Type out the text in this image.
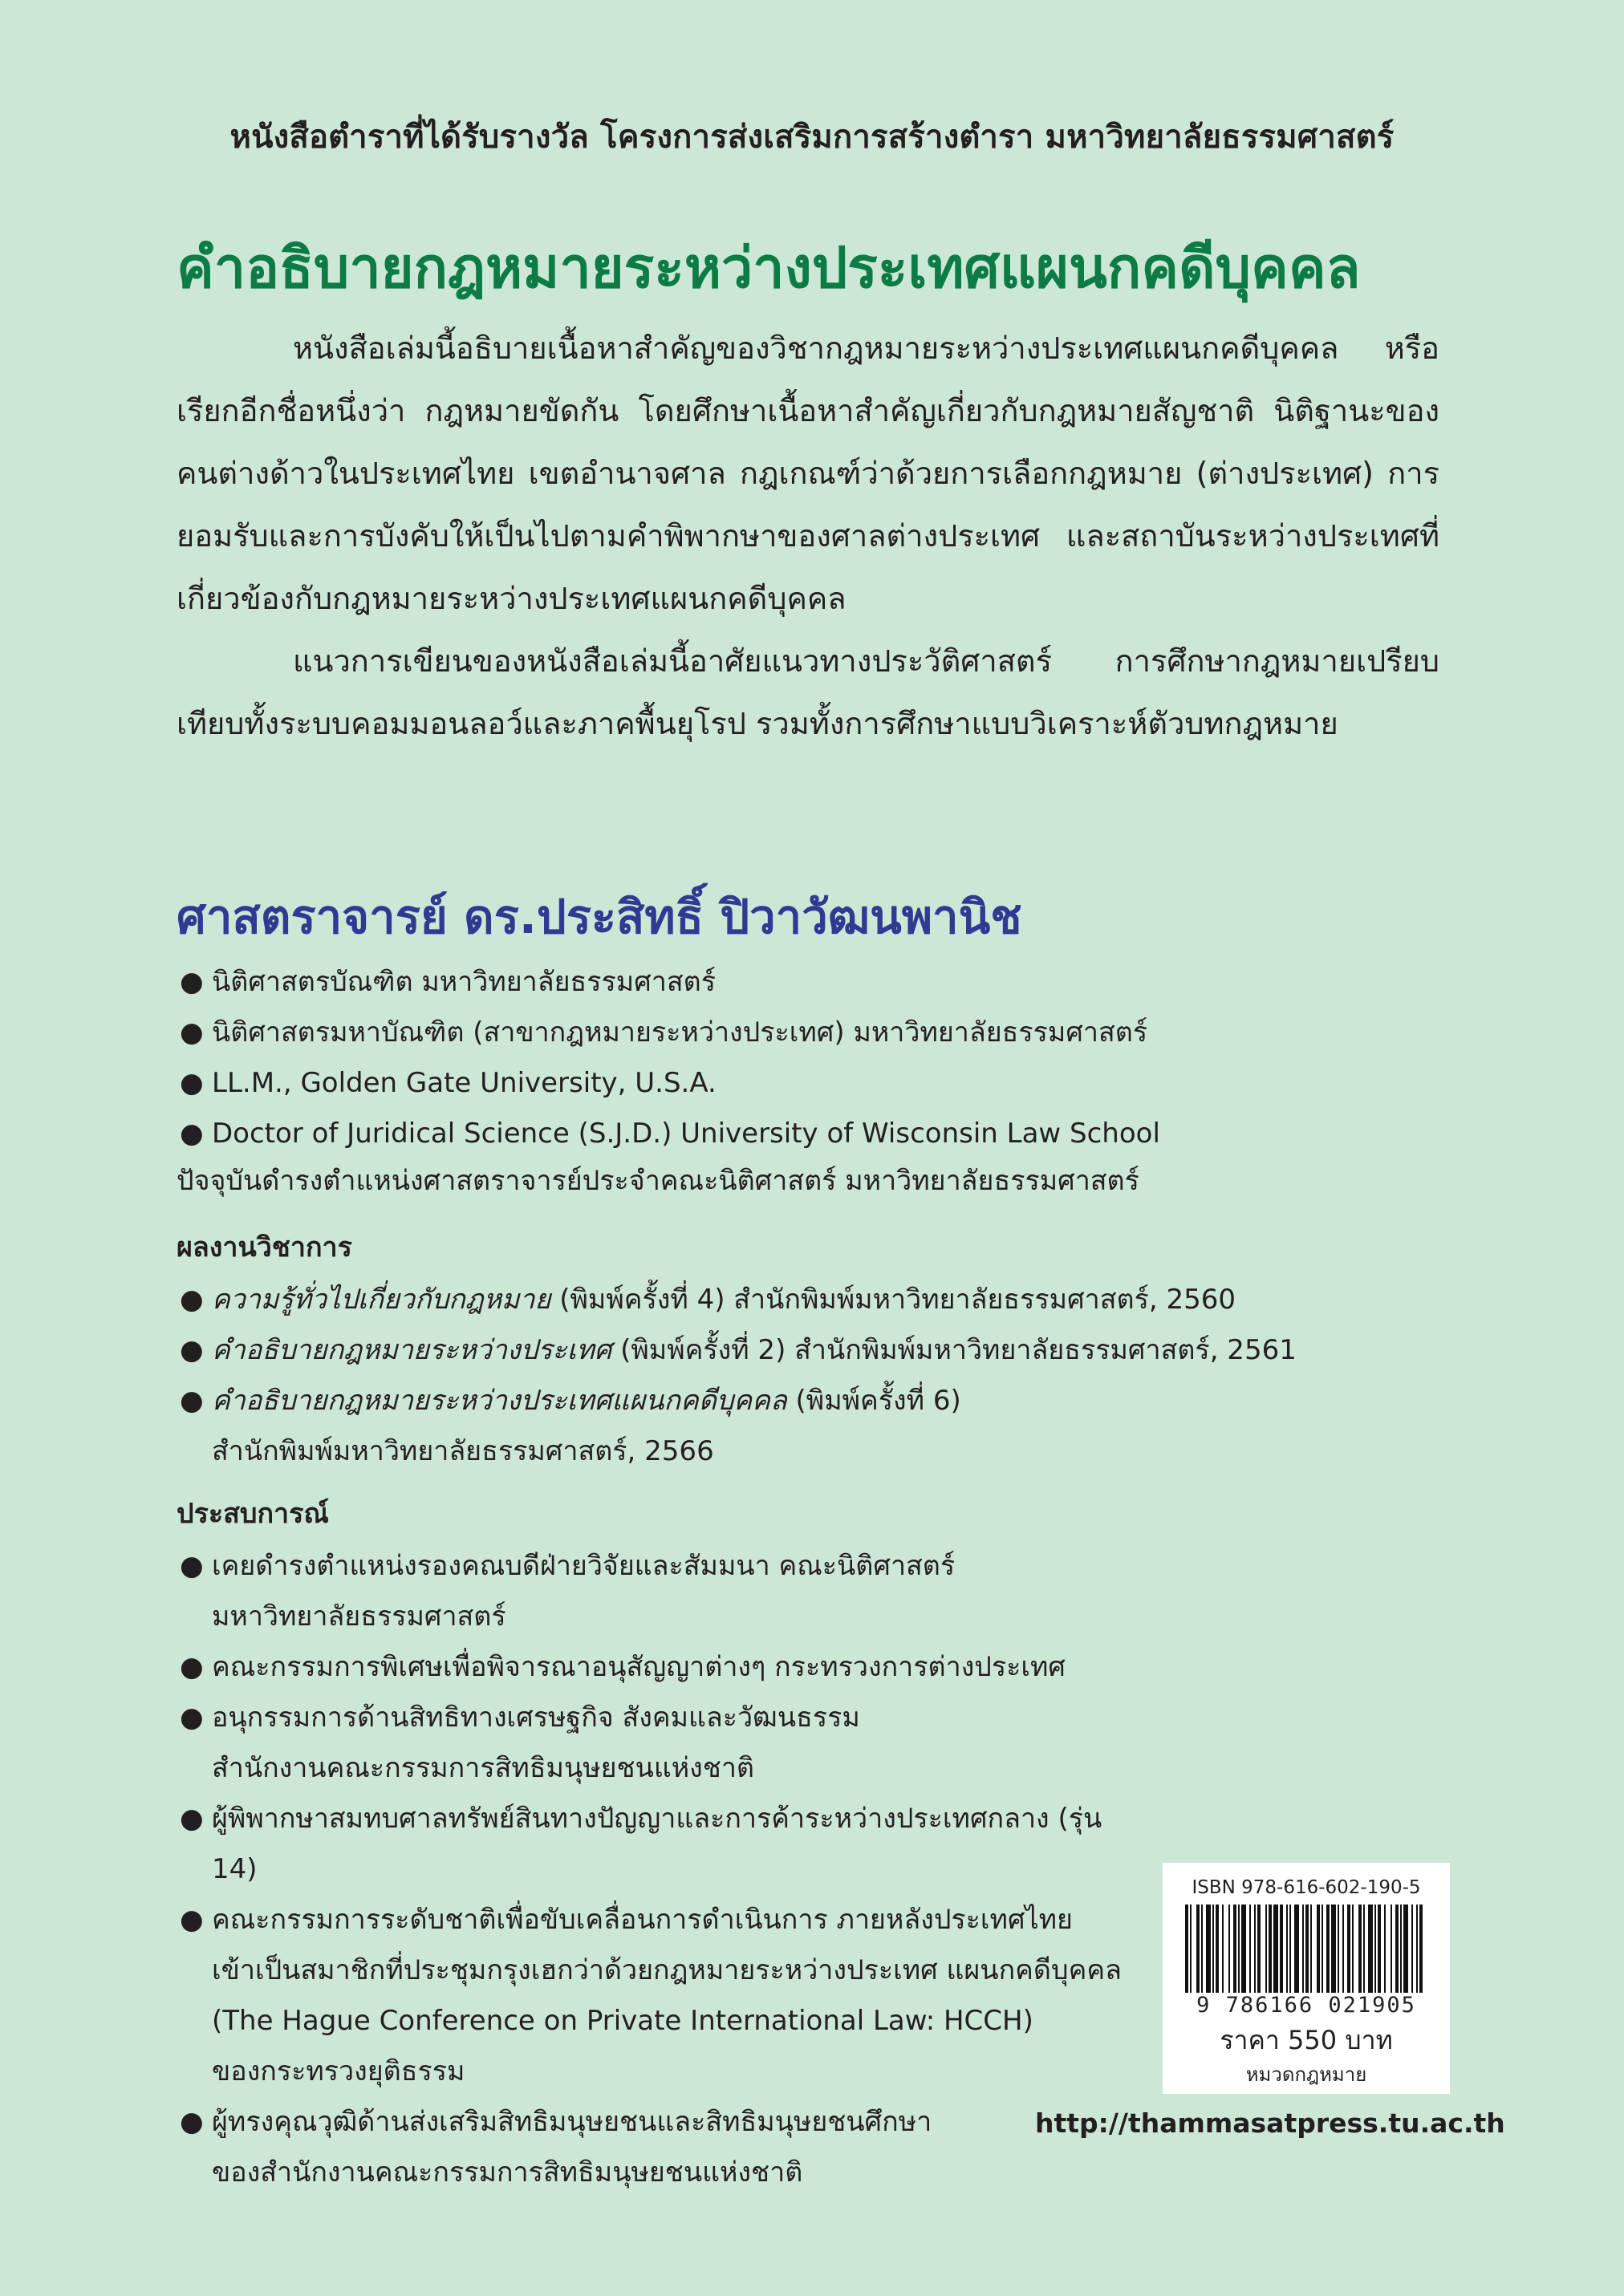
หนังสือตำราที่ได้รับรางวัล โครงการส่งเสริมการสร้างตำรา มหาวิทยาลัยธรรมศาสตร์
คำอธิบายกฎหมายระหว่างประเทศแผนกคดีบุคคล

หนังสือเล่มนี้อธิบายเนื้อหาสำคัญของวิชากฎหมายระหว่างประเทศแผนกคดีบุคคล หรือเรียกอีกชื่อหนึ่งว่า กฎหมายขัดกัน โดยศึกษาเนื้อหาสำคัญเกี่ยวกับกฎหมายสัญชาติ นิติฐานะของคนต่างด้าวในประเทศไทย เขตอำนาจศาล กฎเกณฑ์ว่าด้วยการเลือกกฎหมาย (ต่างประเทศ) การยอมรับและการบังคับให้เป็นไปตามคำพิพากษาของศาลต่างประเทศ และสถาบันระหว่างประเทศที่เกี่ยวข้องกับกฎหมายระหว่างประเทศแผนกคดีบุคคล

แนวการเขียนของหนังสือเล่มนี้อาศัยแนวทางประวัติศาสตร์ การศึกษากฎหมายเปรียบเทียบทั้งระบบคอมมอนลอว์และภาคพื้นยุโรป รวมทั้งการศึกษาแบบวิเคราะห์ตัวบทกฎหมาย

ศาสตราจารย์ ดร.ประสิทธิ์ ปิวาวัฒนพานิช
● นิติศาสตรบัณฑิต มหาวิทยาลัยธรรมศาสตร์
● นิติศาสตรมหาบัณฑิต (สาขากฎหมายระหว่างประเทศ) มหาวิทยาลัยธรรมศาสตร์
● LL.M., Golden Gate University, U.S.A.
● Doctor of Juridical Science (S.J.D.) University of Wisconsin Law School
ปัจจุบันดำรงตำแหน่งศาสตราจารย์ประจำคณะนิติศาสตร์ มหาวิทยาลัยธรรมศาสตร์
ผลงานวิชาการ
● ความรู้ทั่วไปเกี่ยวกับกฎหมาย (พิมพ์ครั้งที่ 4) สำนักพิมพ์มหาวิทยาลัยธรรมศาสตร์, 2560
● คำอธิบายกฎหมายระหว่างประเทศ (พิมพ์ครั้งที่ 2) สำนักพิมพ์มหาวิทยาลัยธรรมศาสตร์, 2561
● คำอธิบายกฎหมายระหว่างประเทศแผนกคดีบุคคล (พิมพ์ครั้งที่ 6)
สำนักพิมพ์มหาวิทยาลัยธรรมศาสตร์, 2566
ประสบการณ์
● เคยดำรงตำแหน่งรองคณบดีฝ่ายวิจัยและสัมมนา คณะนิติศาสตร์
มหาวิทยาลัยธรรมศาสตร์
● คณะกรรมการพิเศษเพื่อพิจารณาอนุสัญญาต่างๆ กระทรวงการต่างประเทศ
● อนุกรรมการด้านสิทธิทางเศรษฐกิจ สังคมและวัฒนธรรม
สำนักงานคณะกรรมการสิทธิมนุษยชนแห่งชาติ
● ผู้พิพากษาสมทบศาลทรัพย์สินทางปัญญาและการค้าระหว่างประเทศกลาง (รุ่น 14)
● คณะกรรมการระดับชาติเพื่อขับเคลื่อนการดำเนินการ ภายหลังประเทศไทย
เข้าเป็นสมาชิกที่ประชุมกรุงเฮกว่าด้วยกฎหมายระหว่างประเทศ แผนกคดีบุคคล
(The Hague Conference on Private International Law: HCCH)
ของกระทรวงยุติธรรม
● ผู้ทรงคุณวุฒิด้านส่งเสริมสิทธิมนุษยชนและสิทธิมนุษยชนศึกษา
ของสำนักงานคณะกรรมการสิทธิมนุษยชนแห่งชาติ
ISBN 978-616-602-190-5
9 786166 021905
ราคา 550 บาท
หมวดกฎหมาย
http://thammasatpress.tu.ac.th
